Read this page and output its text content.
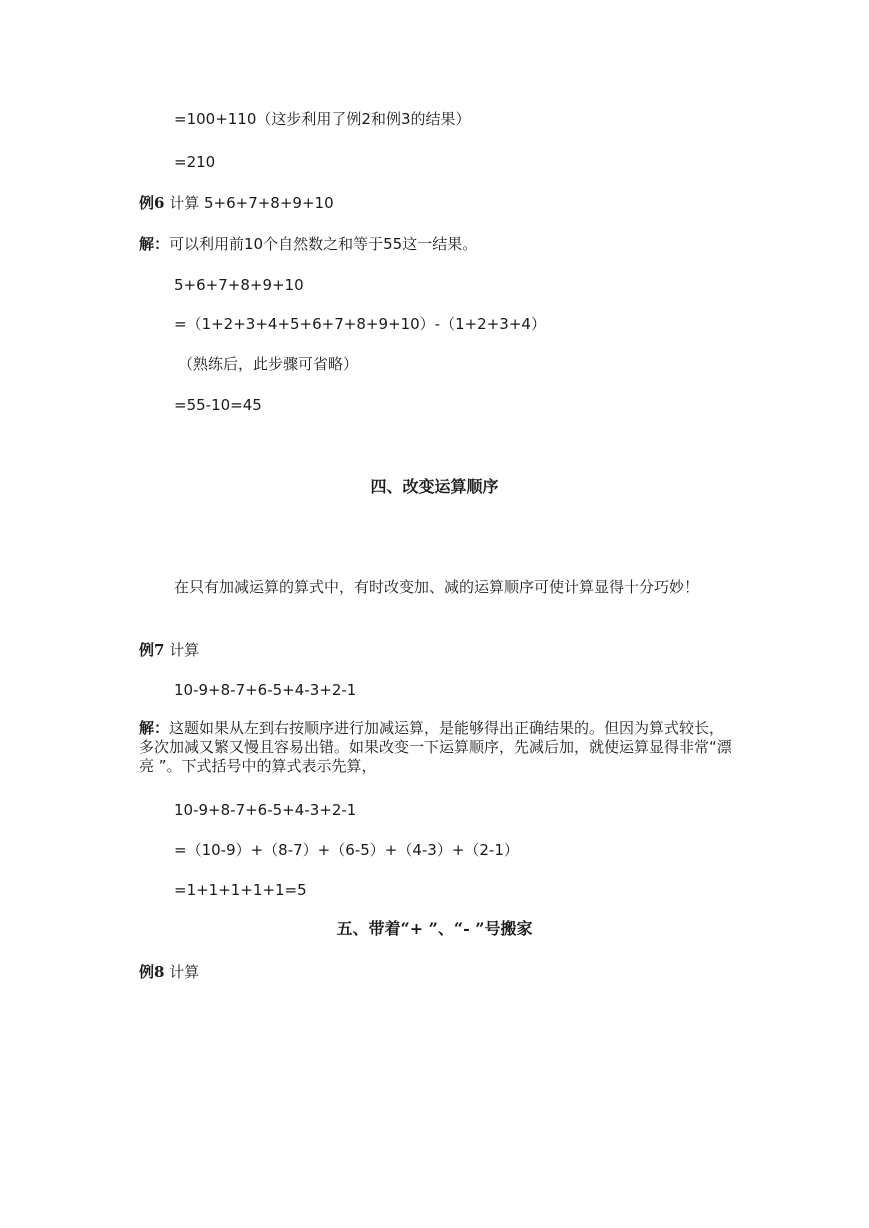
=100+110（这步利用了例2和例3的结果）
=210
例6 计算 5+6+7+8+9+10
解：可以利用前10个自然数之和等于55这一结果。
5+6+7+8+9+10
=（1+2+3+4+5+6+7+8+9+10）-（1+2+3+4）
（熟练后，此步骤可省略）
=55-10=45
四、改变运算顺序
在只有加减运算的算式中，有时改变加、减的运算顺序可使计算显得十分巧妙！
例7 计算
10-9+8-7+6-5+4-3+2-1
解：这题如果从左到右按顺序进行加减运算，是能够得出正确结果的。但因为算式较长，多次加减又繁又慢且容易出错。如果改变一下运算顺序，先减后加，就使运算显得非常“漂亮 ”。下式括号中的算式表示先算，
10-9+8-7+6-5+4-3+2-1
=（10-9）+（8-7）+（6-5）+（4-3）+（2-1）
=1+1+1+1+1=5
五、带着“+ ”、“- ”号搬家
例8 计算
